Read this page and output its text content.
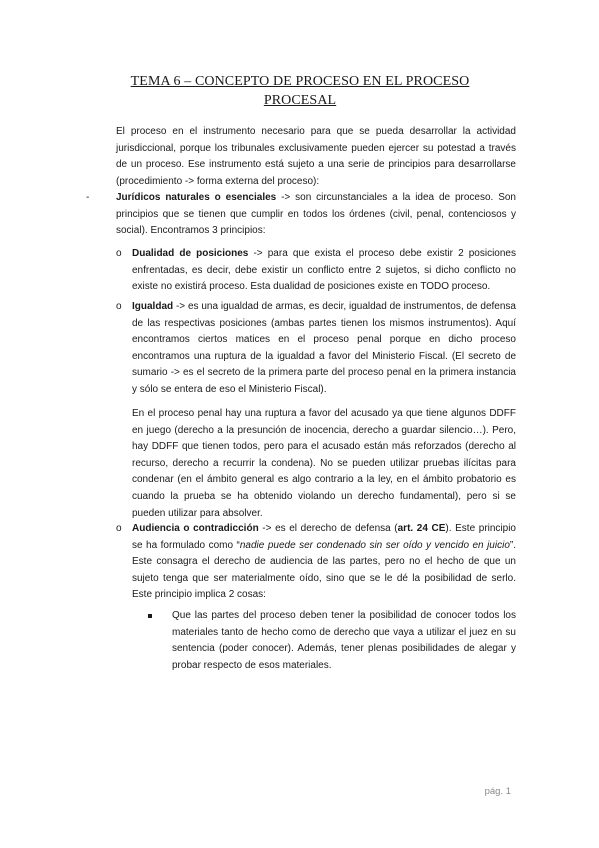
TEMA 6 – CONCEPTO DE PROCESO EN EL PROCESO
PROCESAL
El proceso en el instrumento necesario para que se pueda desarrollar la actividad jurisdiccional, porque los tribunales exclusivamente pueden ejercer su potestad a través de un proceso. Ese instrumento está sujeto a una serie de principios para desarrollarse (procedimiento -> forma externa del proceso):
-	Jurídicos naturales o esenciales -> son circunstanciales a la idea de proceso. Son principios que se tienen que cumplir en todos los órdenes (civil, penal, contenciosos y social). Encontramos 3 principios:
o Dualidad de posiciones -> para que exista el proceso debe existir 2 posiciones enfrentadas, es decir, debe existir un conflicto entre 2 sujetos, si dicho conflicto no existe no existirá proceso. Esta dualidad de posiciones existe en TODO proceso.
o Igualdad -> es una igualdad de armas, es decir, igualdad de instrumentos, de defensa de las respectivas posiciones (ambas partes tienen los mismos instrumentos). Aquí encontramos ciertos matices en el proceso penal porque en dicho proceso encontramos una ruptura de la igualdad a favor del Ministerio Fiscal. (El secreto de sumario -> es el secreto de la primera parte del proceso penal en la primera instancia y sólo se entera de eso el Ministerio Fiscal).
En el proceso penal hay una ruptura a favor del acusado ya que tiene algunos DDFF en juego (derecho a la presunción de inocencia, derecho a guardar silencio…). Pero, hay DDFF que tienen todos, pero para el acusado están más reforzados (derecho al recurso, derecho a recurrir la condena). No se pueden utilizar pruebas ilícitas para condenar (en el ámbito general es algo contrario a la ley, en el ámbito probatorio es cuando la prueba se ha obtenido violando un derecho fundamental), pero si se pueden utilizar para absolver.
o Audiencia o contradicción -> es el derecho de defensa (art. 24 CE). Este principio se ha formulado como “nadie puede ser condenado sin ser oído y vencido en juicio”. Este consagra el derecho de audiencia de las partes, pero no el hecho de que un sujeto tenga que ser materialmente oído, sino que se le dé la posibilidad de serlo. Este principio implica 2 cosas:
Que las partes del proceso deben tener la posibilidad de conocer todos los materiales tanto de hecho como de derecho que vaya a utilizar el juez en su sentencia (poder conocer). Además, tener plenas posibilidades de alegar y probar respecto de esos materiales.
pág. 1
